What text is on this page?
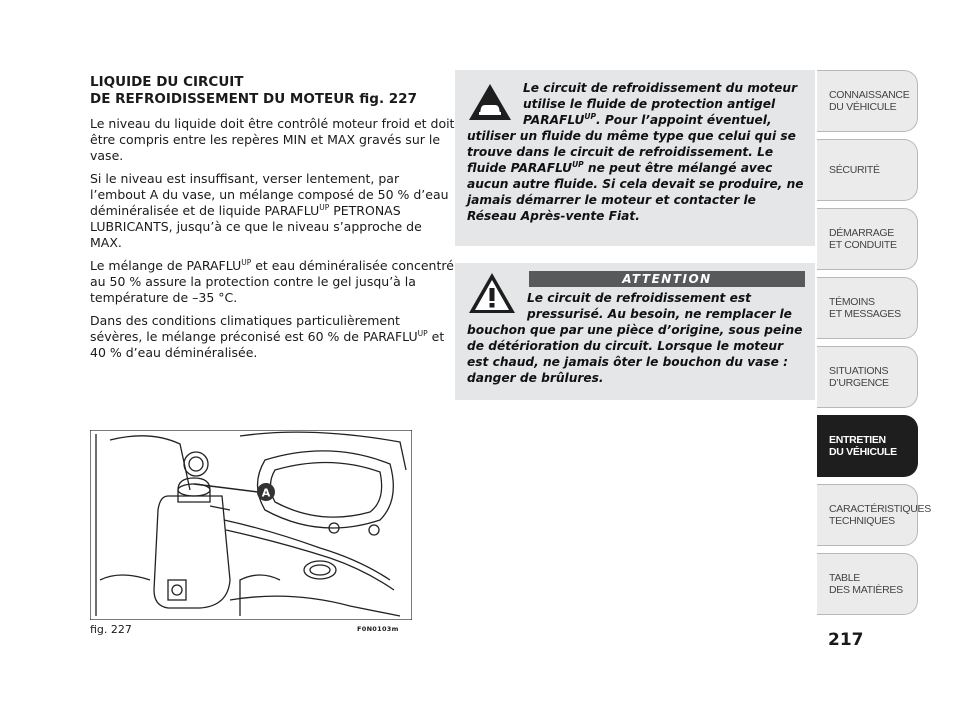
LIQUIDE DU CIRCUIT
DE REFROIDISSEMENT DU MOTEUR fig. 227

Le niveau du liquide doit être contrôlé moteur froid et doit être compris entre les repères MIN et MAX gravés sur le vase.

Si le niveau est insuffisant, verser lentement, par l’embout A du vase, un mélange composé de 50 % d’eau déminéralisée et de liquide $PARAFLU^{UP}$ PETRONAS LUBRICANTS, jusqu’à ce que le niveau s’approche de MAX.

Le mélange de $PARAFLU^{UP}$ et eau déminéralisée concentré au 50 % assure la protection contre le gel jusqu’à la température de –35 °C.

Dans des conditions climatiques particulièrement sévères, le mélange préconisé est 60 % de $PARAFLU^{UP}$ et 40 % d’eau déminéralisée.

A
fig. 227	F0N0103m

Le circuit de refroidissement du moteur utilise le fluide de protection antigel $PARAFLU^{UP}$. Pour l’appoint éventuel, utiliser un fluide du même type que celui qui se trouve dans le circuit de refroidissement. Le fluide $PARAFLU^{UP}$ ne peut être mélangé avec aucun autre fluide. Si cela devait se produire, ne jamais démarrer le moteur et contacter le Réseau Après-vente Fiat.

ATTENTION

Le circuit de refroidissement est pressurisé. Au besoin, ne remplacer le bouchon que par une pièce d’origine, sous peine de détérioration du circuit. Lorsque le moteur est chaud, ne jamais ôter le bouchon du vase : danger de brûlures.

CONNAISSANCE
DU VÉHICULE
SÉCURITÉ
DÉMARRAGE
ET CONDUITE
TÉMOINS
ET MESSAGES
SITUATIONS
D’URGENCE
ENTRETIEN
DU VÉHICULE
CARACTÉRISTIQUES
TECHNIQUES
TABLE
DES MATIÈRES
217
